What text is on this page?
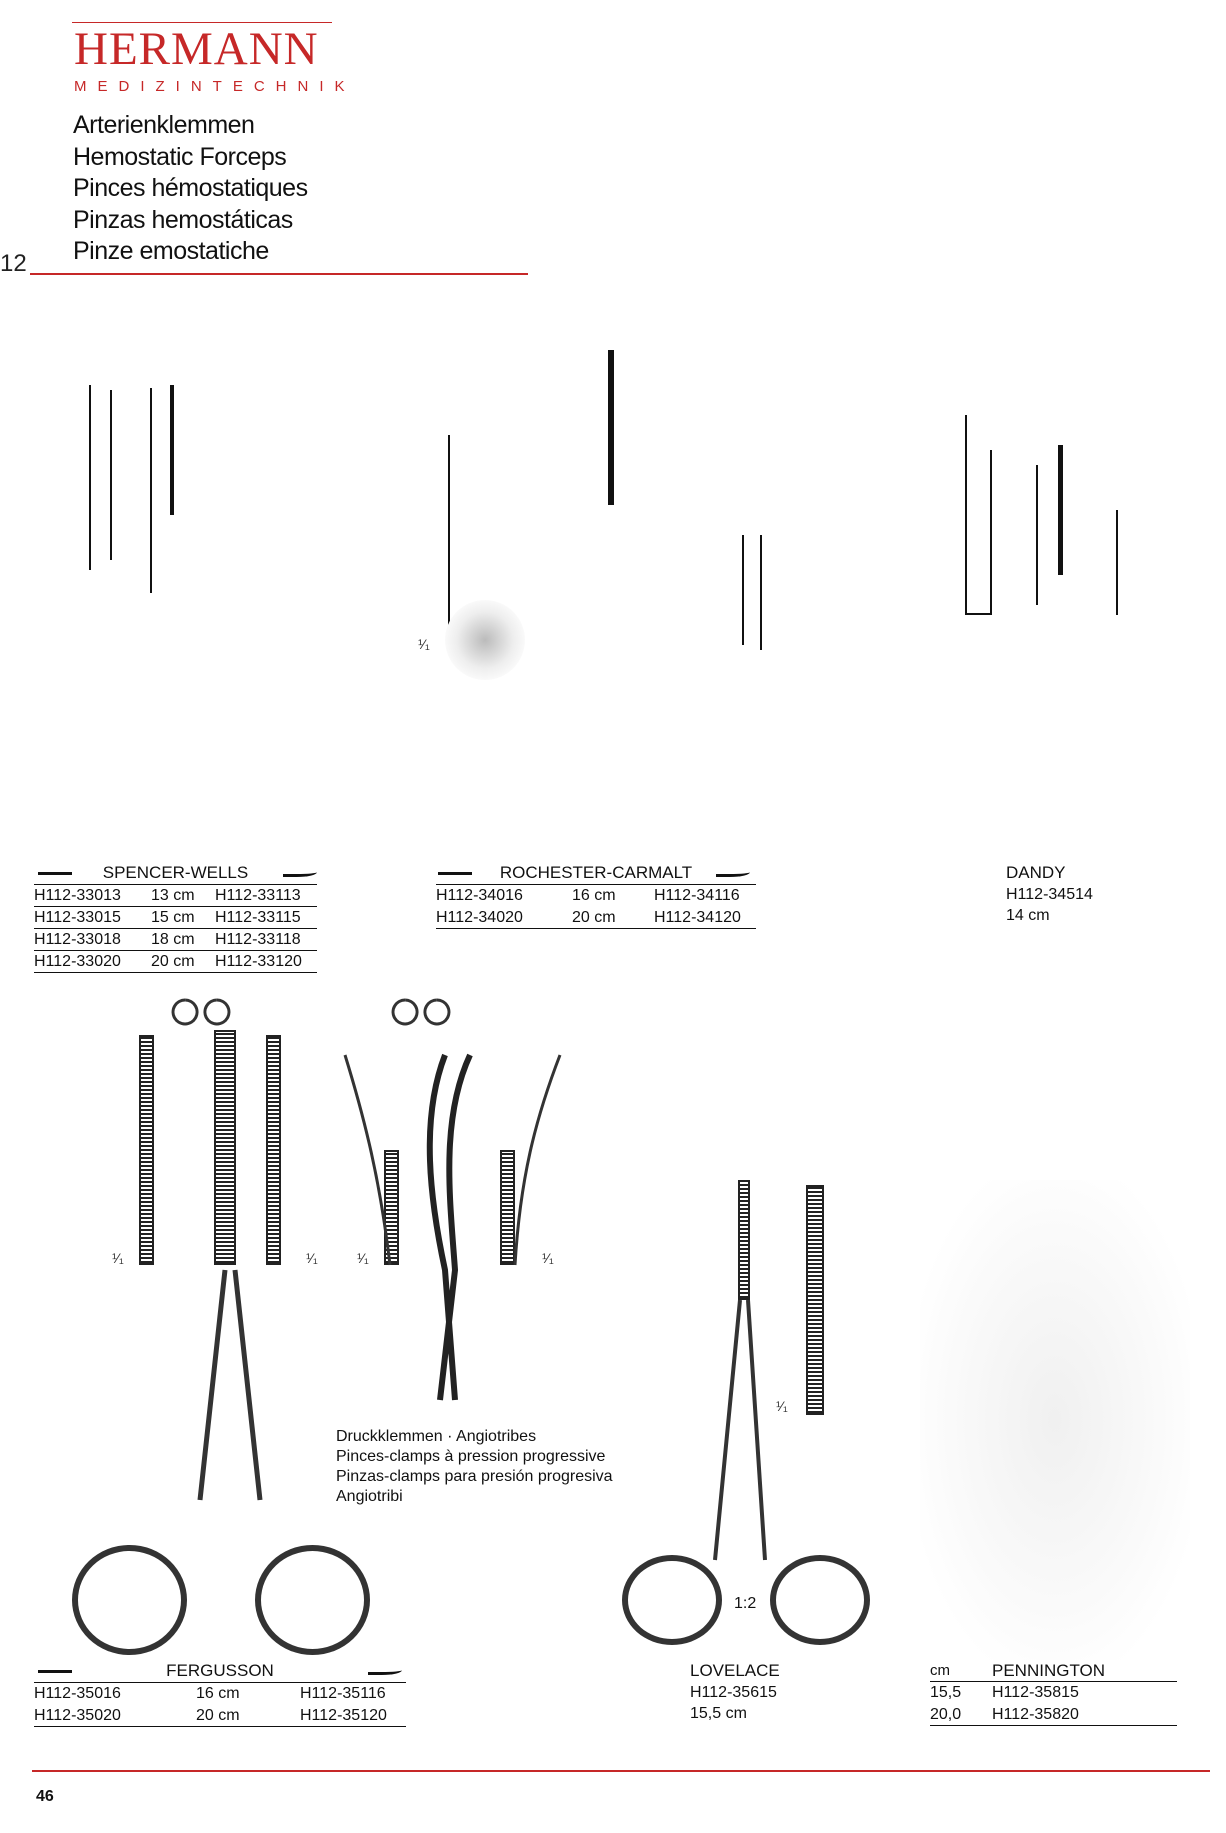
HERMANN
MEDIZINTECHNIK
Arterienklemmen
Hemostatic Forceps
Pinces hémostatiques
Pinzas hemostáticas
Pinze emostatiche
12
¹⁄₁
SPENCER-WELLS
H112-33013	13 cm	H112-33113
H112-33015	15 cm	H112-33115
H112-33018	18 cm	H112-33118
H112-33020	20 cm	H112-33120
ROCHESTER-CARMALT
H112-34016	16 cm	H112-34116
H112-34020	20 cm	H112-34120
DANDY
H112-34514
14 cm
¹⁄₁	¹⁄₁	¹⁄₁	¹⁄₁
¹⁄₁
Druckklemmen · Angiotribes
Pinces-clamps à pression progressive
Pinzas-clamps para presión progresiva
Angiotribi
1:2
FERGUSSON
H112-35016	16 cm	H112-35116
H112-35020	20 cm	H112-35120
LOVELACE
H112-35615
15,5 cm
cm	PENNINGTON
15,5	H112-35815
20,0	H112-35820
46
